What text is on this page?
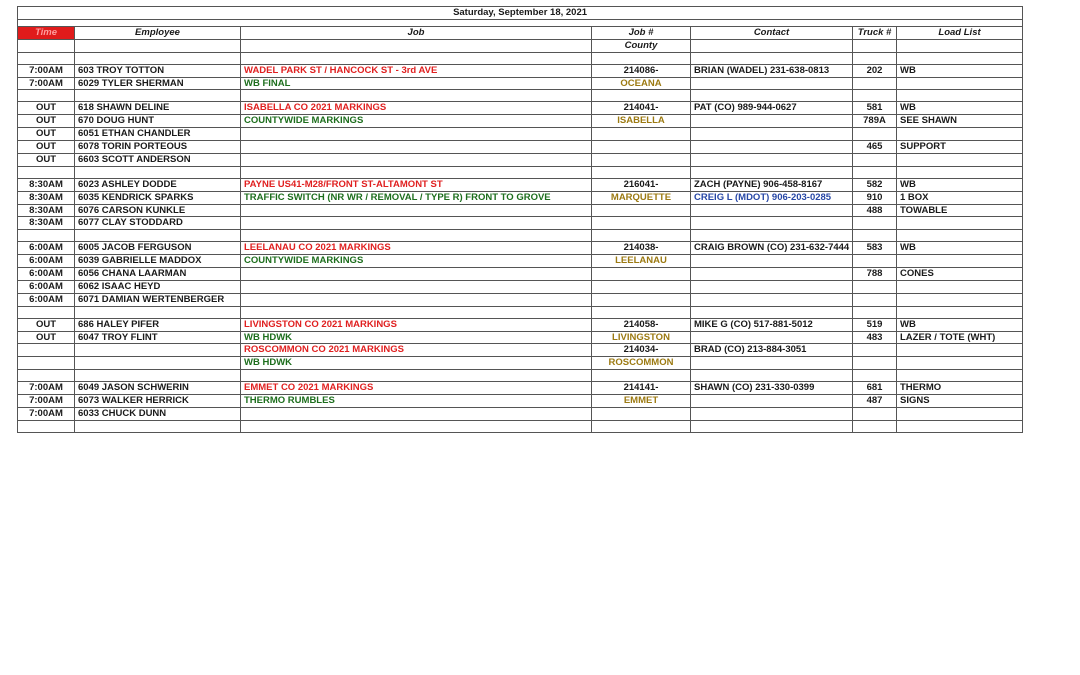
Saturday, September 18, 2021						

Time	Employee	Job	Job #	Contact	Truck #	Load List
			County			

7:00AM	603 TROY TOTTON	WADEL PARK ST / HANCOCK ST - 3rd AVE	214086-	BRIAN (WADEL) 231-638-0813	202	WB
7:00AM	6029 TYLER SHERMAN	WB FINAL	OCEANA			

OUT	618 SHAWN DELINE	ISABELLA CO 2021 MARKINGS	214041-	PAT (CO) 989-944-0627	581	WB
OUT	670 DOUG HUNT	COUNTYWIDE MARKINGS	ISABELLA		789A	SEE SHAWN
OUT	6051 ETHAN CHANDLER					
OUT	6078 TORIN PORTEOUS				465	SUPPORT
OUT	6603 SCOTT ANDERSON					

8:30AM	6023 ASHLEY DODDE	PAYNE US41-M28/FRONT ST-ALTAMONT ST	216041-	ZACH (PAYNE) 906-458-8167	582	WB
8:30AM	6035 KENDRICK SPARKS	TRAFFIC SWITCH (NR WR / REMOVAL / TYPE R) FRONT TO GROVE	MARQUETTE	CREIG L (MDOT) 906-203-0285	910	1 BOX
8:30AM	6076 CARSON KUNKLE				488	TOWABLE
8:30AM	6077 CLAY STODDARD					

6:00AM	6005 JACOB FERGUSON	LEELANAU CO 2021 MARKINGS	214038-	CRAIG BROWN (CO) 231-632-7444	583	WB
6:00AM	6039 GABRIELLE MADDOX	COUNTYWIDE MARKINGS	LEELANAU			
6:00AM	6056 CHANA LAARMAN				788	CONES
6:00AM	6062 ISAAC HEYD					
6:00AM	6071 DAMIAN WERTENBERGER					

OUT	686 HALEY PIFER	LIVINGSTON CO 2021 MARKINGS	214058-	MIKE G (CO) 517-881-5012	519	WB
OUT	6047 TROY FLINT	WB HDWK	LIVINGSTON		483	LAZER / TOTE (WHT)
		ROSCOMMON CO 2021 MARKINGS	214034-	BRAD (CO) 213-884-3051		
		WB HDWK	ROSCOMMON			

7:00AM	6049 JASON SCHWERIN	EMMET CO 2021 MARKINGS	214141-	SHAWN (CO) 231-330-0399	681	THERMO
7:00AM	6073 WALKER HERRICK	THERMO RUMBLES	EMMET		487	SIGNS
7:00AM	6033 CHUCK DUNN					
